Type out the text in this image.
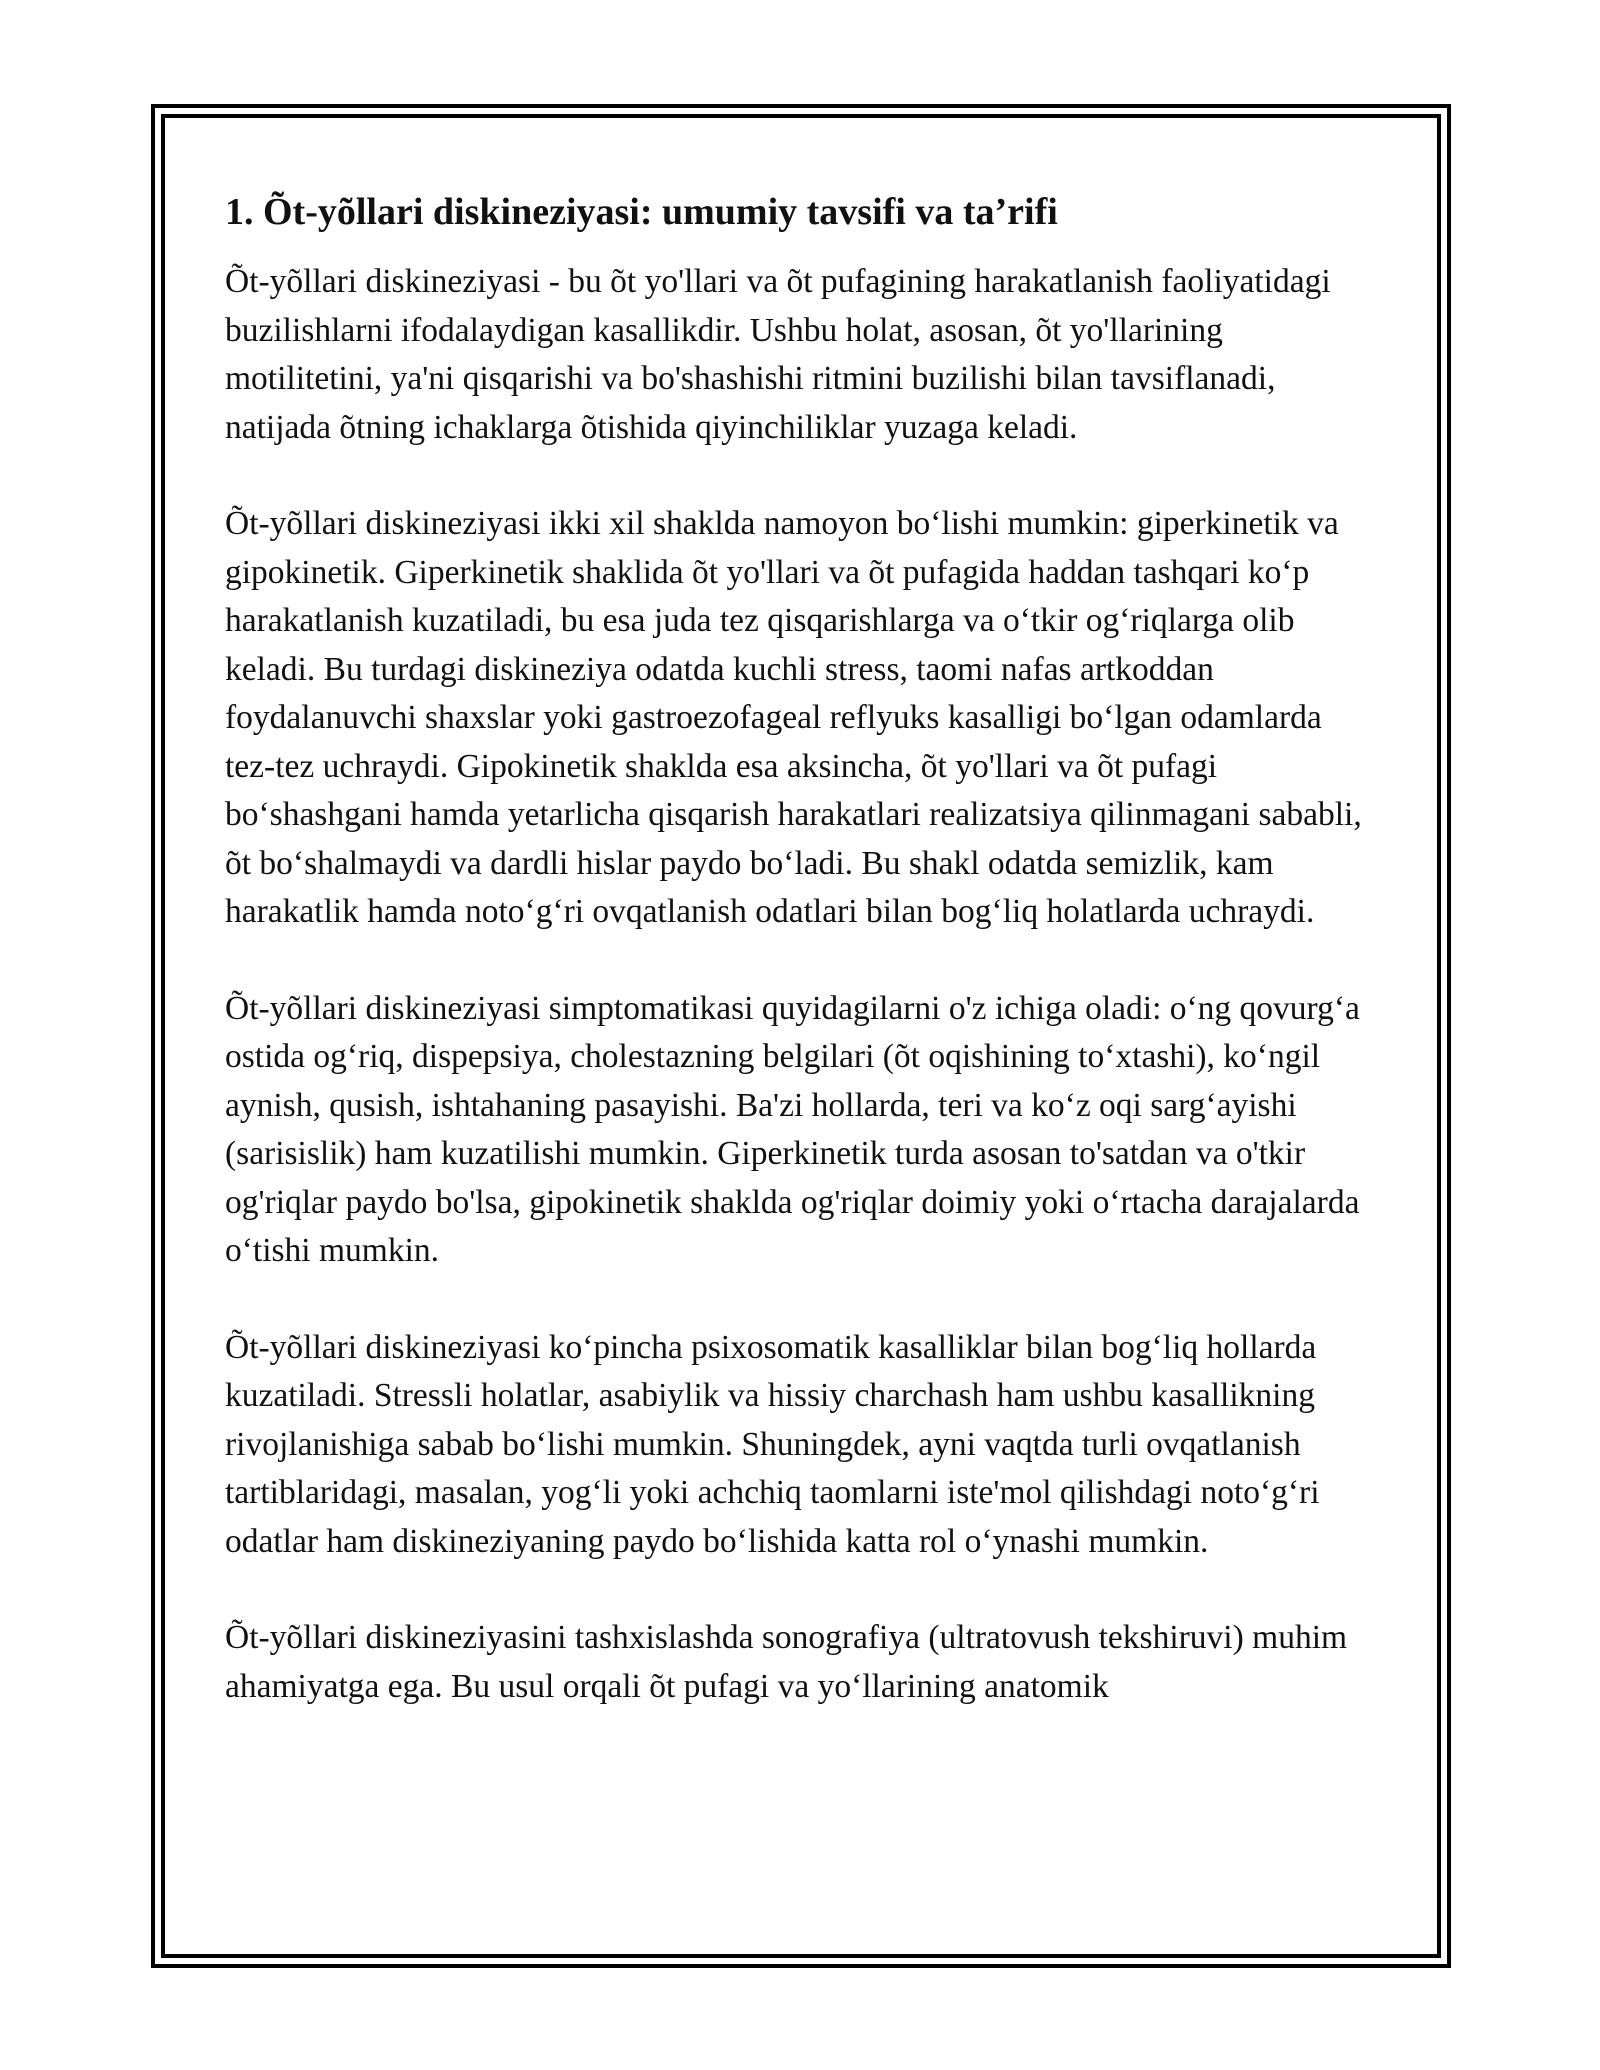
1. Õt-yõllari diskineziyasi: umumiy tavsifi va ta’rifi

Õt-yõllari diskineziyasi - bu õt yo'llari va õt pufagining harakatlanish faoliyatidagi buzilishlarni ifodalaydigan kasallikdir. Ushbu holat, asosan, õt yo'llarining motilitetini, ya'ni qisqarishi va bo'shashishi ritmini buzilishi bilan tavsiflanadi, natijada õtning ichaklarga õtishida qiyinchiliklar yuzaga keladi.

Õt-yõllari diskineziyasi ikki xil shaklda namoyon boʻlishi mumkin: giperkinetik va gipokinetik. Giperkinetik shaklida õt yo'llari va õt pufagida haddan tashqari koʻp harakatlanish kuzatiladi, bu esa juda tez qisqarishlarga va oʻtkir ogʻriqlarga olib keladi. Bu turdagi diskineziya odatda kuchli stress, taomi nafas artkoddan foydalanuvchi shaxslar yoki gastroezofageal reflyuks kasalligi boʻlgan odamlarda tez-tez uchraydi. Gipokinetik shaklda esa aksincha, õt yo'llari va õt pufagi boʻshashgani hamda yetarlicha qisqarish harakatlari realizatsiya qilinmagani sababli, õt boʻshalmaydi va dardli hislar paydo boʻladi. Bu shakl odatda semizlik, kam harakatlik hamda notoʻgʻri ovqatlanish odatlari bilan bogʻliq holatlarda uchraydi.

Õt-yõllari diskineziyasi simptomatikasi quyidagilarni o'z ichiga oladi: oʻng qovurgʻa ostida ogʻriq, dispepsiya, cholestazning belgilari (õt oqishining toʻxtashi), koʻngil aynish, qusish, ishtahaning pasayishi. Ba'zi hollarda, teri va koʻz oqi sargʻayishi (sarisislik) ham kuzatilishi mumkin. Giperkinetik turda asosan to'satdan va o'tkir og'riqlar paydo bo'lsa, gipokinetik shaklda og'riqlar doimiy yoki oʻrtacha darajalarda oʻtishi mumkin.

Õt-yõllari diskineziyasi koʻpincha psixosomatik kasalliklar bilan bogʻliq hollarda kuzatiladi. Stressli holatlar, asabiylik va hissiy charchash ham ushbu kasallikning rivojlanishiga sabab boʻlishi mumkin. Shuningdek, ayni vaqtda turli ovqatlanish tartiblaridagi, masalan, yogʻli yoki achchiq taomlarni iste'mol qilishdagi notoʻgʻri odatlar ham diskineziyaning paydo boʻlishida katta rol oʻynashi mumkin.

Õt-yõllari diskineziyasini tashxislashda sonografiya (ultratovush tekshiruvi) muhim ahamiyatga ega. Bu usul orqali õt pufagi va yoʻllarining anatomik
